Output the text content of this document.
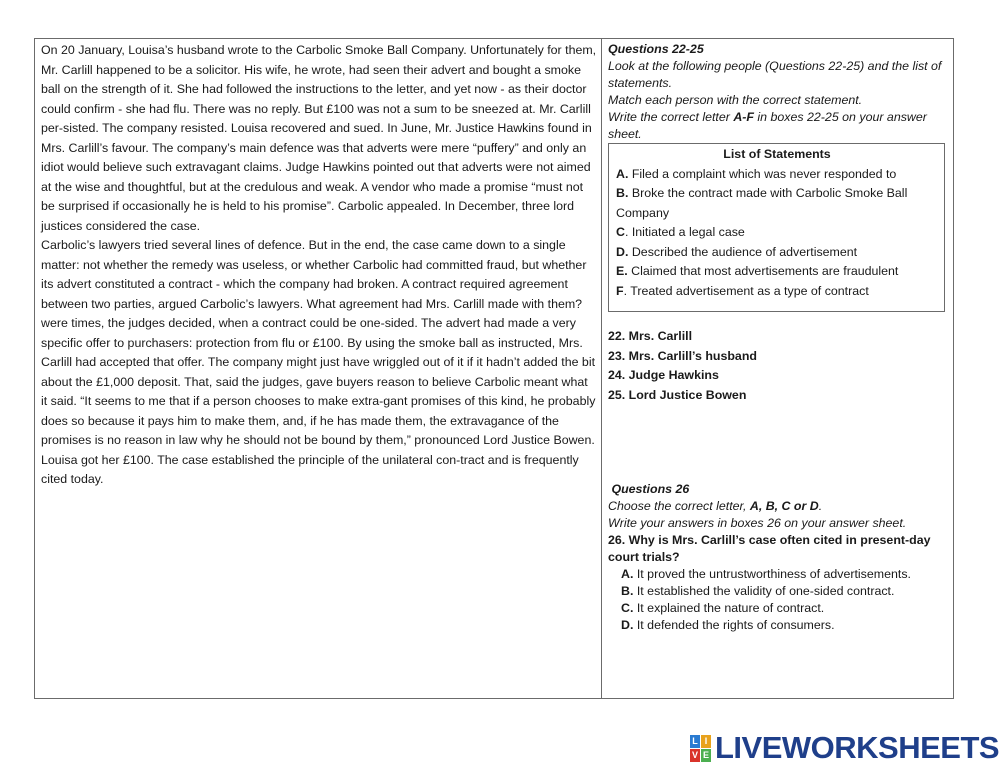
On 20 January, Louisa’s husband wrote to the Carbolic Smoke Ball Company. Unfortunately for them, Mr. Carlill happened to be a solicitor. His wife, he wrote, had seen their advert and bought a smoke ball on the strength of it. She had followed the instructions to the letter, and yet now - as their doctor could confirm - she had flu. There was no reply. But £100 was not a sum to be sneezed at. Mr. Carlill per-sisted. The company resisted. Louisa recovered and sued. In June, Mr. Justice Hawkins found in Mrs. Carlill’s favour. The company’s main defence was that adverts were mere “puffery” and only an idiot would believe such extravagant claims. Judge Hawkins pointed out that adverts were not aimed at the wise and thoughtful, but at the credulous and weak. A vendor who made a promise “must not be surprised if occasionally he is held to his promise”. Carbolic appealed. In December, three lord justices considered the case.

Carbolic’s lawyers tried several lines of defence. But in the end, the case came down to a single matter: not whether the remedy was useless, or whether Carbolic had committed fraud, but whether its advert constituted a contract - which the company had broken. A contract required agreement between two parties, argued Carbolic’s lawyers. What agreement had Mrs. Carlill made with them? were times, the judges decided, when a contract could be one-sided. The advert had made a very specific offer to purchasers: protection from flu or £100. By using the smoke ball as instructed, Mrs. Carlill had accepted that offer. The company might just have wriggled out of it if it hadn’t added the bit about the £1,000 deposit. That, said the judges, gave buyers reason to believe Carbolic meant what it said. “It seems to me that if a person chooses to make extra-gant promises of this kind, he probably does so because it pays him to make them, and, if he has made them, the extravagance of the promises is no reason in law why he should not be bound by them,” pronounced Lord Justice Bowen. Louisa got her £100. The case established the principle of the unilateral con-tract and is frequently cited today.

Questions 22-25

Look at the following people (Questions 22-25) and the list of statements.

Match each person with the correct statement.

Write the correct letter A-F in boxes 22-25 on your answer sheet.

List of Statements
A. Filed a complaint which was never responded to
B. Broke the contract made with Carbolic Smoke Ball Company
C. Initiated a legal case
D. Described the audience of advertisement
E. Claimed that most advertisements are fraudulent
F. Treated advertisement as a type of contract
22. Mrs. Carlill
23. Mrs. Carlill’s husband
24. Judge Hawkins
25. Lord Justice Bowen

Questions 26

Choose the correct letter, A, B, C or D.

Write your answers in boxes 26 on your answer sheet.

26. Why is Mrs. Carlill’s case often cited in present-day court trials?

A. It proved the untrustworthiness of advertisements.
B. It established the validity of one-sided contract.
C. It explained the nature of contract.
D. It defended the rights of consumers.
L I
V E LIVEWORKSHEETS
